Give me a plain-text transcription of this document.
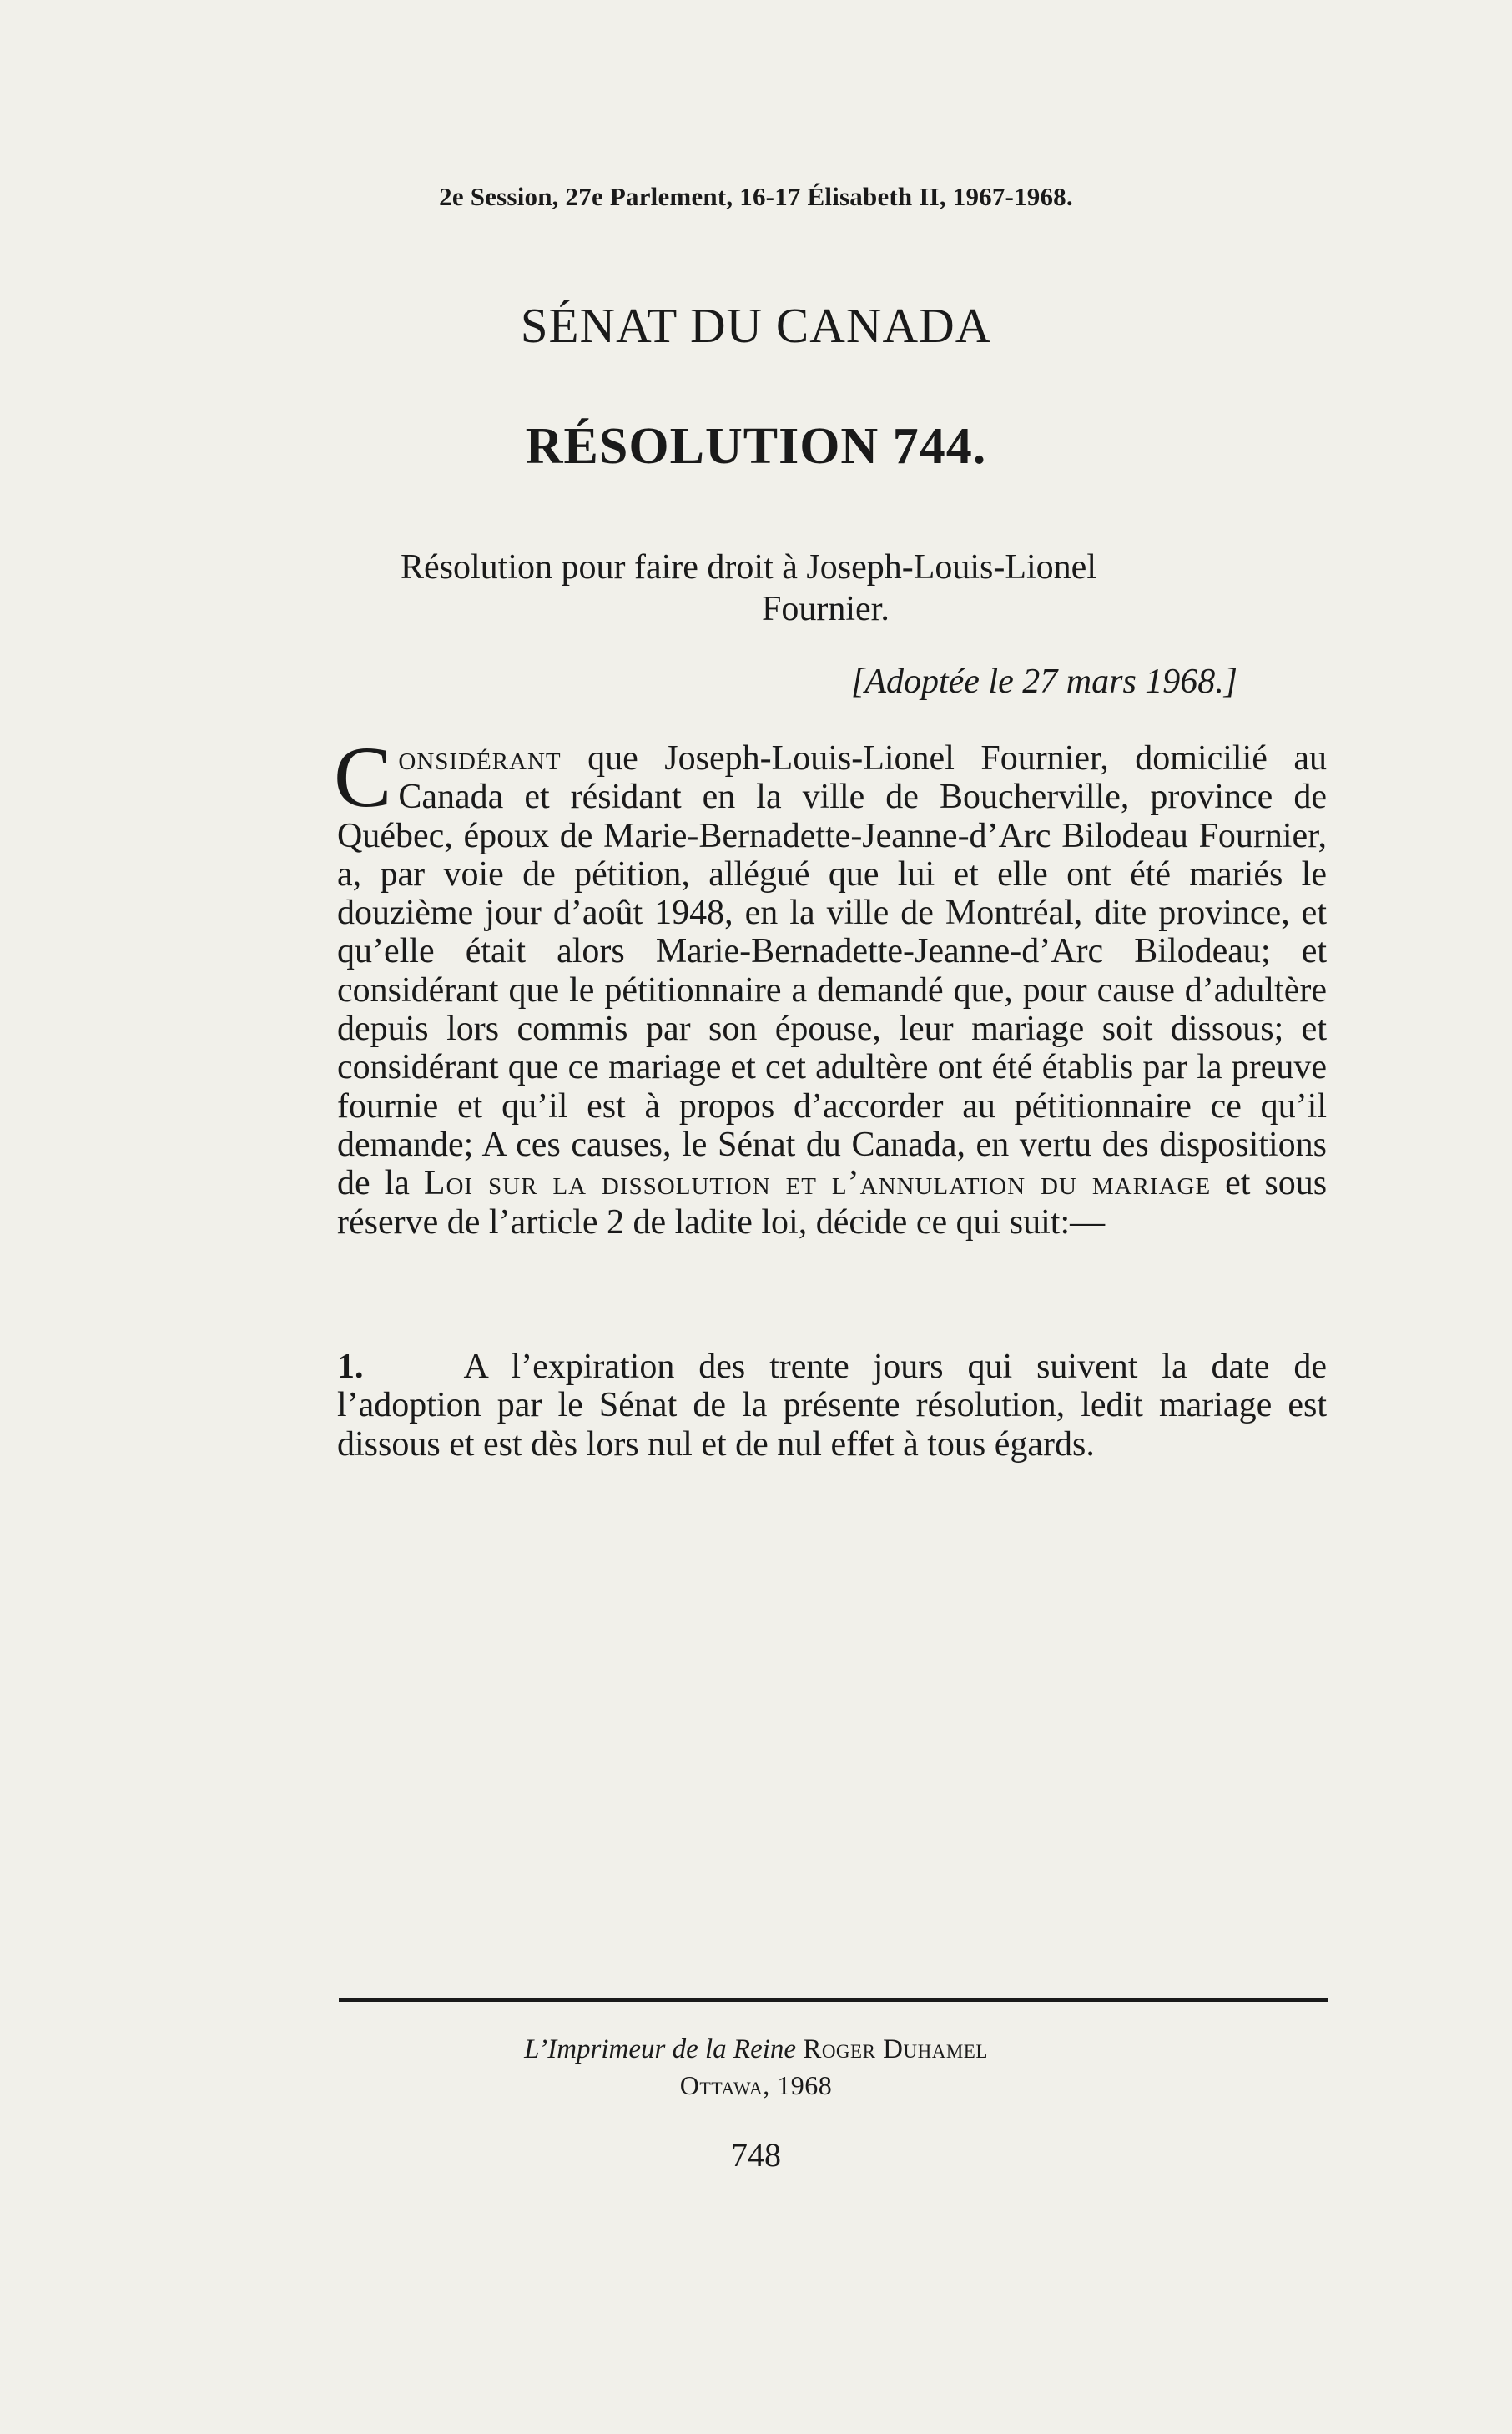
2e Session, 27e Parlement, 16-17 Élisabeth II, 1967-1968.
SÉNAT DU CANADA
RÉSOLUTION 744.
Résolution pour faire droit à Joseph-Louis-Lionel
Fournier.
[Adoptée le 27 mars 1968.]
Considérant que Joseph-Louis-Lionel Fournier, domicilié au Canada et résidant en la ville de Boucherville, province de Québec, époux de Marie-Bernadette-Jeanne-d’Arc Bilodeau Fournier, a, par voie de pétition, allégué que lui et elle ont été mariés le douzième jour d’août 1948, en la ville de Montréal, dite province, et qu’elle était alors Marie-Bernadette-Jeanne-d’Arc Bilodeau; et considérant que le pétitionnaire a demandé que, pour cause d’adultère depuis lors commis par son épouse, leur mariage soit dissous; et considérant que ce mariage et cet adultère ont été établis par la preuve fournie et qu’il est à propos d’accorder au pétitionnaire ce qu’il demande; A ces causes, le Sénat du Canada, en vertu des dispositions de la Loi sur la dissolution et l’annulation du mariage et sous réserve de l’article 2 de ladite loi, décide ce qui suit:—
1.	A l’expiration des trente jours qui suivent la date de l’adoption par le Sénat de la présente résolution, ledit mariage est dissous et est dès lors nul et de nul effet à tous égards.
L’Imprimeur de la Reine Roger Duhamel
Ottawa, 1968
748
